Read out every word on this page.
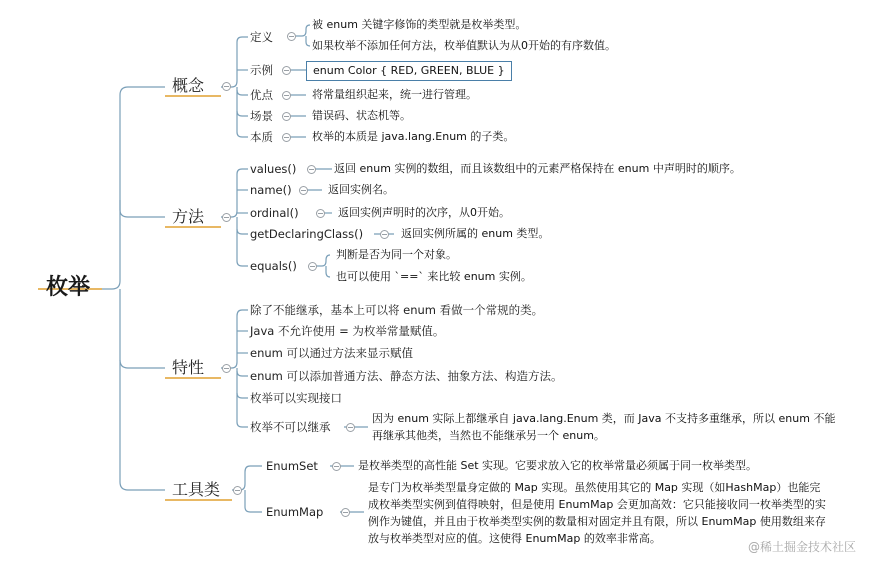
枚举
概念
定义
被 enum 关键字修饰的类型就是枚举类型。
如果枚举不添加任何方法，枚举值默认为从0开始的有序数值。
示例	enum Color { RED, GREEN, BLUE }
优点	将常量组织起来，统一进行管理。
场景	错误码、状态机等。
本质	枚举的本质是 java.lang.Enum 的子类。
方法
values()	返回 enum 实例的数组，而且该数组中的元素严格保持在 enum 中声明时的顺序。
name()	返回实例名。
ordinal()	返回实例声明时的次序，从0开始。
getDeclaringClass()	返回实例所属的 enum 类型。
equals()
判断是否为同一个对象。
也可以使用 `==` 来比较 enum 实例。
特性
除了不能继承，基本上可以将 enum 看做一个常规的类。
Java 不允许使用 = 为枚举常量赋值。
enum 可以通过方法来显示赋值
enum 可以添加普通方法、静态方法、抽象方法、构造方法。
枚举可以实现接口
枚举不可以继承
因为 enum 实际上都继承自 java.lang.Enum 类，而 Java 不支持多重继承，所以 enum 不能
再继承其他类，当然也不能继承另一个 enum。
工具类
EnumSet	是枚举类型的高性能 Set 实现。它要求放入它的枚举常量必须属于同一枚举类型。
EnumMap
是专门为枚举类型量身定做的 Map 实现。虽然使用其它的 Map 实现（如HashMap）也能完
成枚举类型实例到值得映射，但是使用 EnumMap 会更加高效：它只能接收同一枚举类型的实
例作为键值，并且由于枚举类型实例的数量相对固定并且有限，所以 EnumMap 使用数组来存
放与枚举类型对应的值。这使得 EnumMap 的效率非常高。
@稀土掘金技术社区
